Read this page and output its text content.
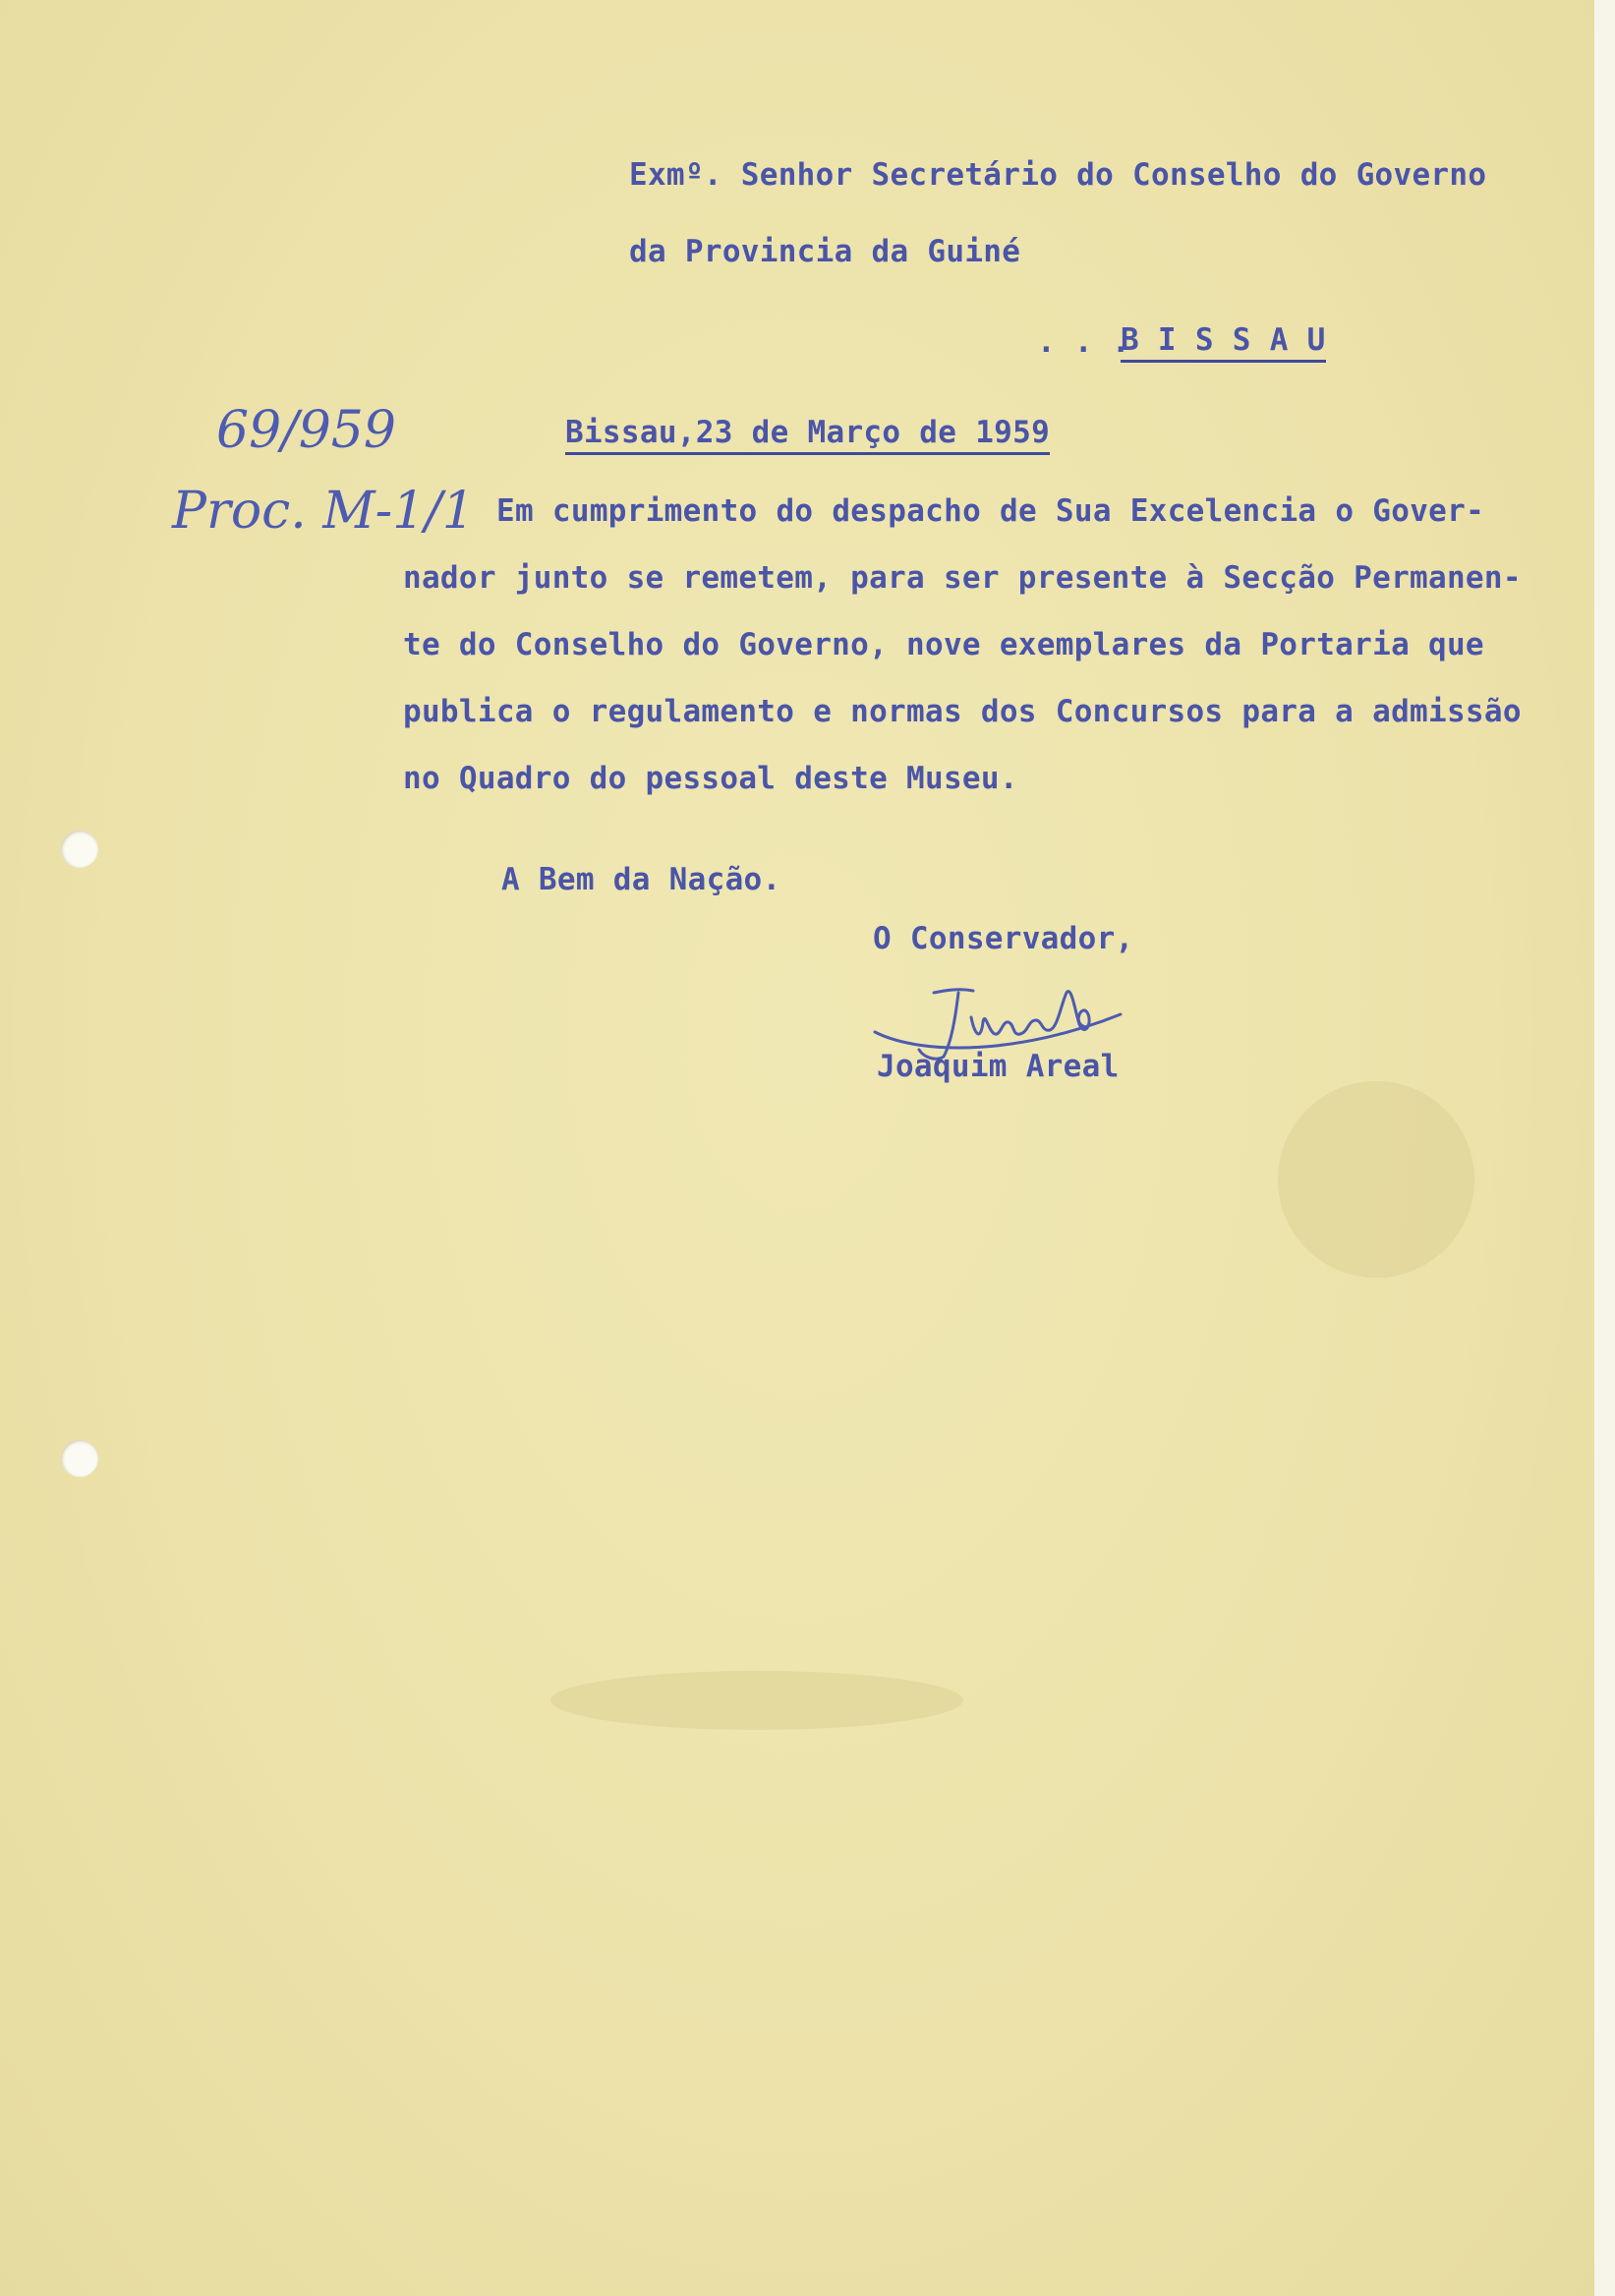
Exmº. Senhor Secretário do Conselho do Governo
da Provincia da Guiné
. . .
B I S S A U
69/959
Proc. M-1/1
Bissau,23 de Março de 1959
Em cumprimento do despacho de Sua Excelencia o Gover-
nador junto se remetem, para ser presente à Secção Permanen-
te do Conselho do Governo, nove exemplares da Portaria que
publica o regulamento e normas dos Concursos para a admissão
no Quadro do pessoal deste Museu.
A Bem da Nação.
O Conservador,
Joaquim Areal
